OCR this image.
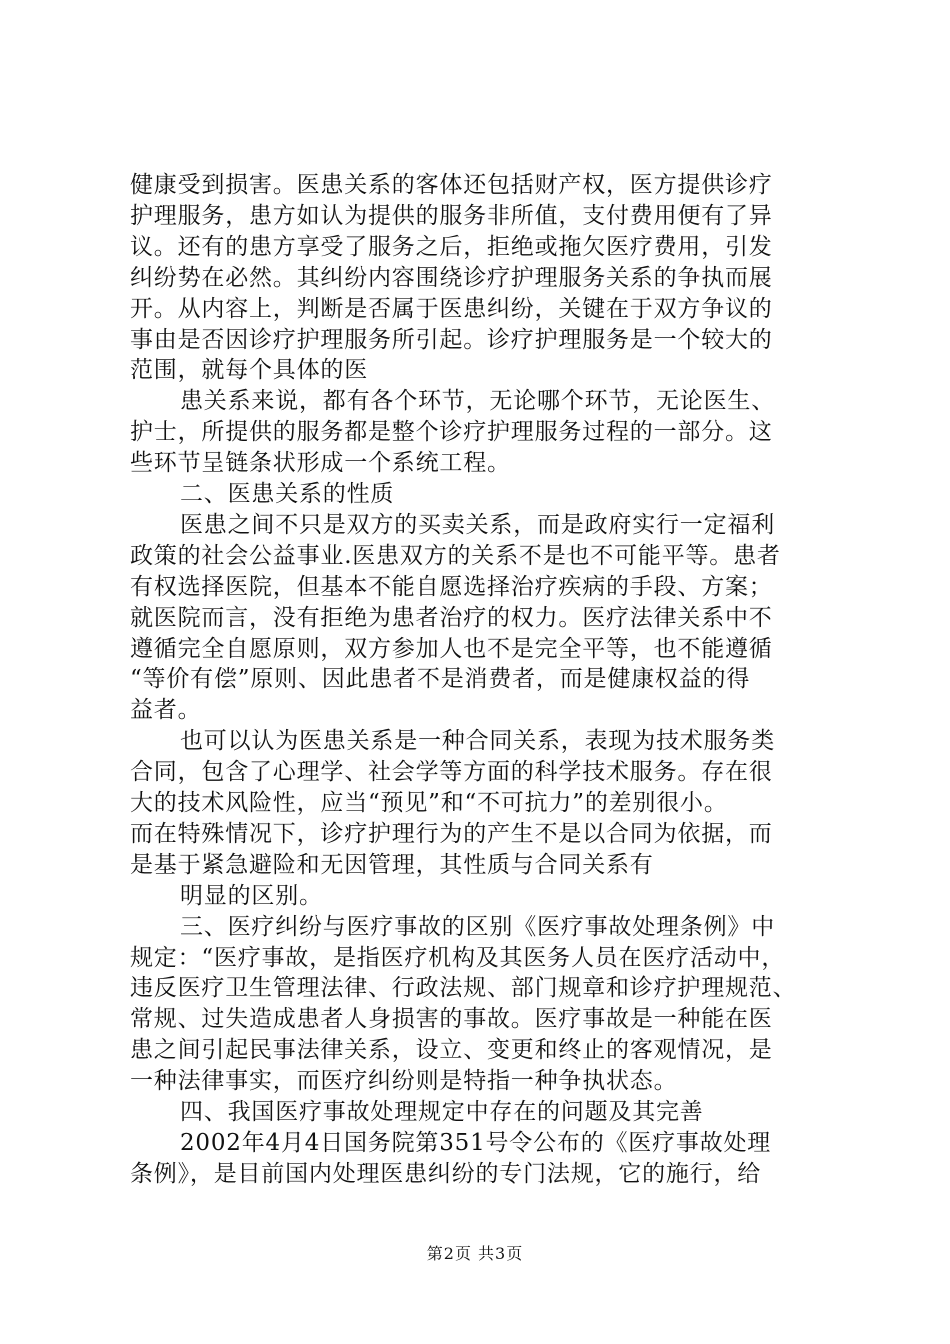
健康受到损害。医患关系的客体还包括财产权，医方提供诊疗
护理服务，患方如认为提供的服务非所值，支付费用便有了异
议。还有的患方享受了服务之后，拒绝或拖欠医疗费用，引发
纠纷势在必然。其纠纷内容围绕诊疗护理服务关系的争执而展
开。从内容上，判断是否属于医患纠纷，关键在于双方争议的
事由是否因诊疗护理服务所引起。诊疗护理服务是一个较大的
范围，就每个具体的医
患关系来说，都有各个环节，无论哪个环节，无论医生、
护士，所提供的服务都是整个诊疗护理服务过程的一部分。这
些环节呈链条状形成一个系统工程。
二、医患关系的性质
医患之间不只是双方的买卖关系，而是政府实行一定福利
政策的社会公益事业.医患双方的关系不是也不可能平等。患者
有权选择医院，但基本不能自愿选择治疗疾病的手段、方案；
就医院而言，没有拒绝为患者治疗的权力。医疗法律关系中不
遵循完全自愿原则，双方参加人也不是完全平等，也不能遵循
“等价有偿”原则、因此患者不是消费者，而是健康权益的得
益者。
也可以认为医患关系是一种合同关系，表现为技术服务类
合同，包含了心理学、社会学等方面的科学技术服务。存在很
大的技术风险性，应当“预见”和“不可抗力”的差别很小。
而在特殊情况下，诊疗护理行为的产生不是以合同为依据，而
是基于紧急避险和无因管理，其性质与合同关系有
明显的区别。
三、医疗纠纷与医疗事故的区别《医疗事故处理条例》中
规定：“医疗事故，是指医疗机构及其医务人员在医疗活动中，
违反医疗卫生管理法律、行政法规、部门规章和诊疗护理规范、
常规、过失造成患者人身损害的事故。医疗事故是一种能在医
患之间引起民事法律关系，设立、变更和终止的客观情况，是
一种法律事实，而医疗纠纷则是特指一种争执状态。
四、我国医疗事故处理规定中存在的问题及其完善
2002年4月4日国务院第351号令公布的《医疗事故处理
条例》，是目前国内处理医患纠纷的专门法规，它的施行，给
第2页 共3页
